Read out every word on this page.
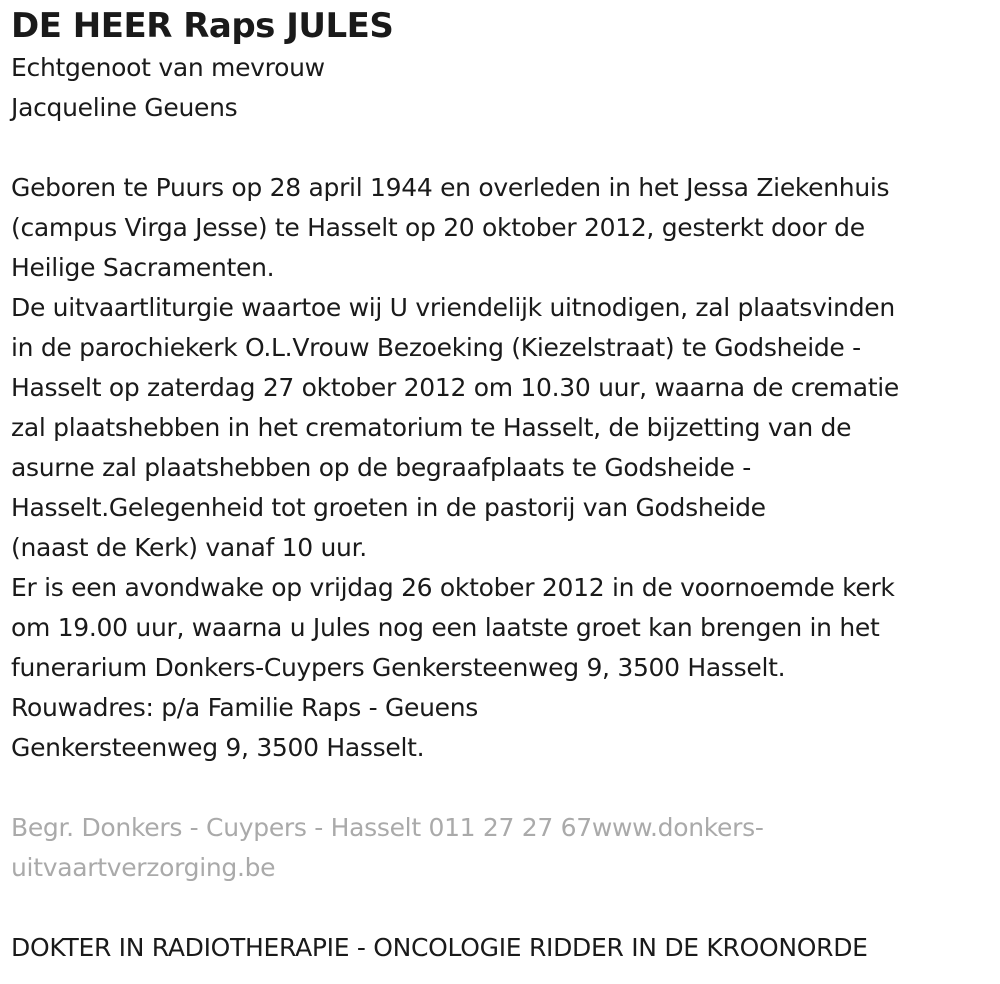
DE HEER Raps JULES

Echtgenoot van mevrouw

Jacqueline Geuens

Geboren te Puurs op 28 april 1944 en overleden in het Jessa Ziekenhuis

(campus Virga Jesse) te Hasselt op 20 oktober 2012, gesterkt door de

Heilige Sacramenten.

De uitvaartliturgie waartoe wij U vriendelijk uitnodigen, zal plaatsvinden

in de parochiekerk O.L.Vrouw Bezoeking (Kiezelstraat) te Godsheide -

Hasselt op zaterdag 27 oktober 2012 om 10.30 uur, waarna de crematie

zal plaatshebben in het crematorium te Hasselt, de bijzetting van de

asurne zal plaatshebben op de begraafplaats te Godsheide -

Hasselt.Gelegenheid tot groeten in de pastorij van Godsheide

(naast de Kerk) vanaf 10 uur.

Er is een avondwake op vrijdag 26 oktober 2012 in de voornoemde kerk

om 19.00 uur, waarna u Jules nog een laatste groet kan brengen in het

funerarium Donkers-Cuypers Genkersteenweg 9, 3500 Hasselt.

Rouwadres: p/a Familie Raps - Geuens

Genkersteenweg 9, 3500 Hasselt.

Begr. Donkers - Cuypers - Hasselt 011 27 27 67www.donkers-

uitvaartverzorging.be

DOKTER IN RADIOTHERAPIE - ONCOLOGIE RIDDER IN DE KROONORDE
